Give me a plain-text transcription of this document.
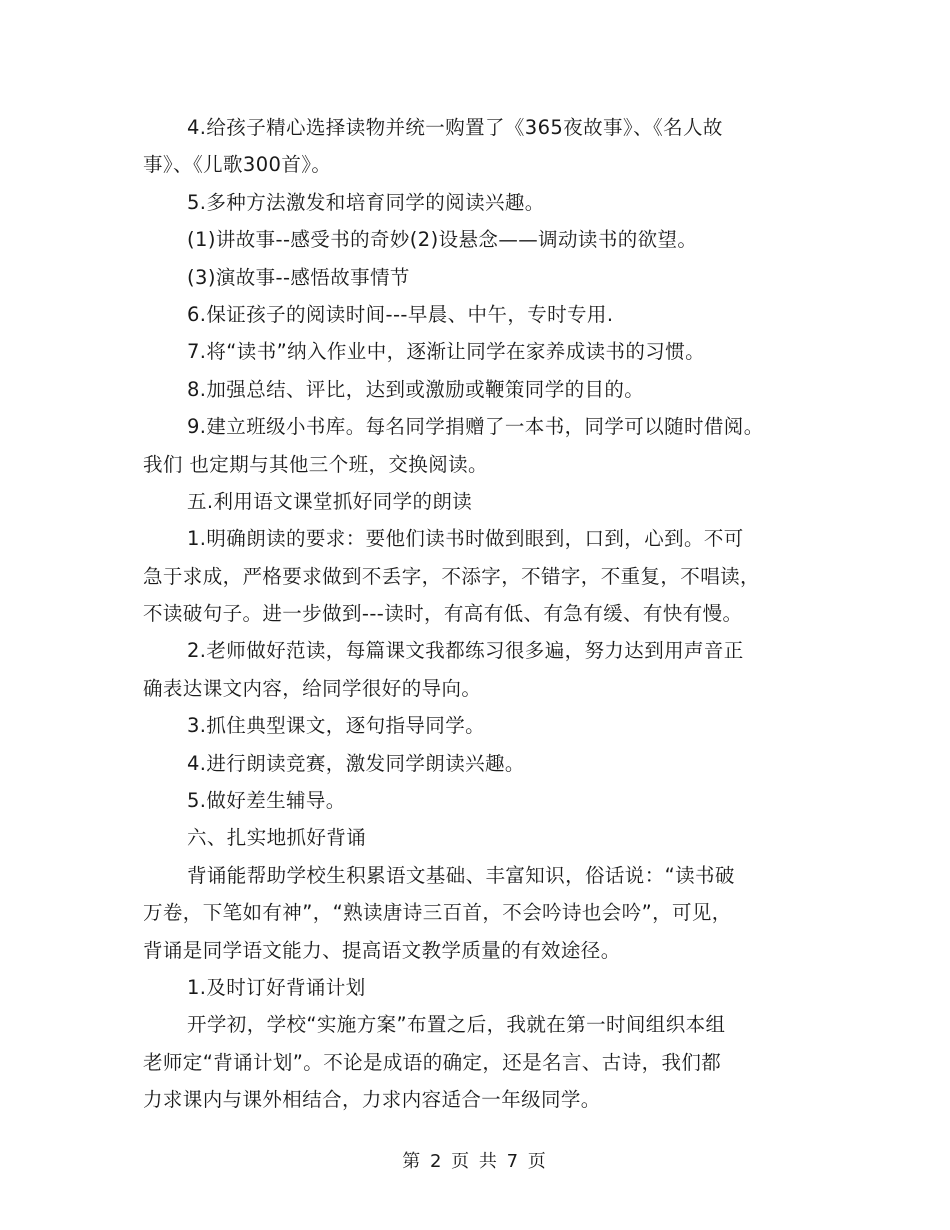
4.给孩子精心选择读物并统一购置了《365夜故事》、《名人故
事》、《儿歌300首》。
5.多种方法激发和培育同学的阅读兴趣。
(1)讲故事--感受书的奇妙(2)设悬念——调动读书的欲望。
(3)演故事--感悟故事情节
6.保证孩子的阅读时间---早晨、中午，专时专用.
7.将“读书”纳入作业中，逐渐让同学在家养成读书的习惯。
8.加强总结、评比，达到或激励或鞭策同学的目的。
9.建立班级小书库。每名同学捐赠了一本书，同学可以随时借阅。
我们 也定期与其他三个班，交换阅读。
五.利用语文课堂抓好同学的朗读
1.明确朗读的要求：要他们读书时做到眼到，口到，心到。不可
急于求成，严格要求做到不丢字，不添字，不错字，不重复，不唱读，
不读破句子。进一步做到---读时，有高有低、有急有缓、有快有慢。
2.老师做好范读，每篇课文我都练习很多遍，努力达到用声音正
确表达课文内容，给同学很好的导向。
3.抓住典型课文，逐句指导同学。
4.进行朗读竞赛，激发同学朗读兴趣。
5.做好差生辅导。
六、扎实地抓好背诵
背诵能帮助学校生积累语文基础、丰富知识，俗话说：“读书破
万卷，下笔如有神”，“熟读唐诗三百首，不会吟诗也会吟”，可见，
背诵是同学语文能力、提高语文教学质量的有效途径。
1.及时订好背诵计划
开学初，学校“实施方案”布置之后，我就在第一时间组织本组
老师定“背诵计划”。不论是成语的确定，还是名言、古诗，我们都
力求课内与课外相结合，力求内容适合一年级同学。
第 2 页 共 7 页
